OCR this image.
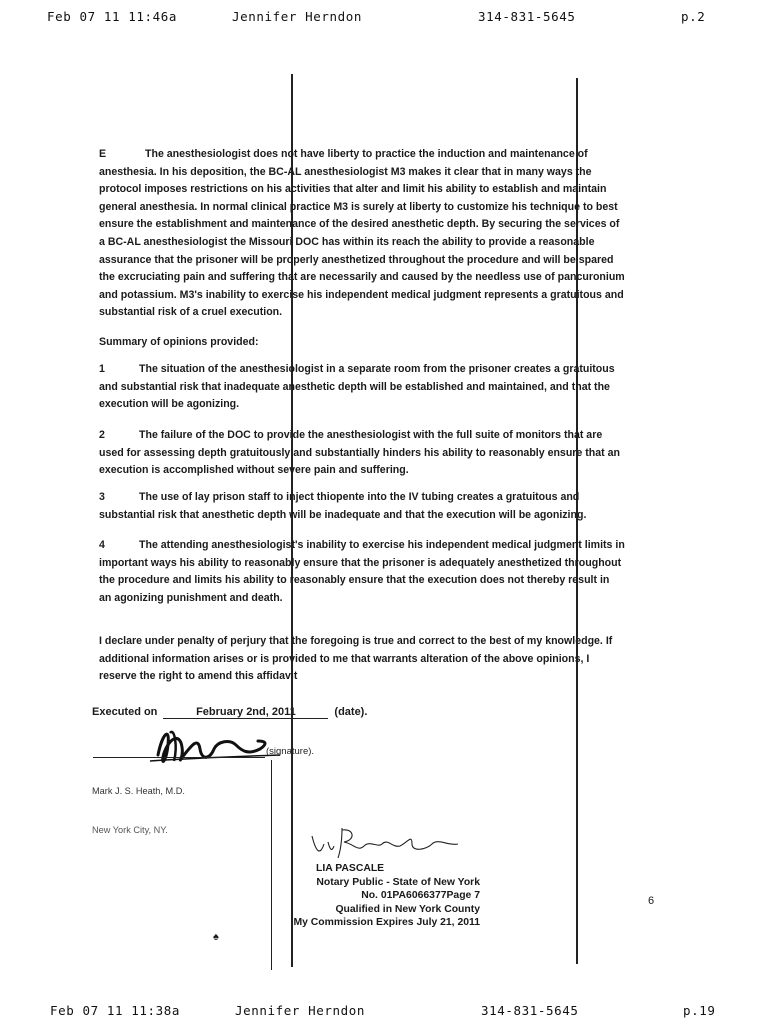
Feb 07 11 11:46a	Jennifer Herndon	314-831-5645	p.2
E	The anesthesiologist does not have liberty to practice the induction and maintenance of
anesthesia. In his deposition, the BC-AL anesthesiologist M3 makes it clear that in many ways the
protocol imposes restrictions on his activities that alter and limit his ability to establish and maintain
general anesthesia. In normal clinical practice M3 is surely at liberty to customize his technique to best
ensure the establishment and maintenance of the desired anesthetic depth. By securing the services of
a BC-AL anesthesiologist the Missouri DOC has within its reach the ability to provide a reasonable
assurance that the prisoner will be properly anesthetized throughout the procedure and will be spared
the excruciating pain and suffering that are necessarily and caused by the needless use of pancuronium
and potassium. M3's inability to exercise his independent medical judgment represents a gratuitous and
substantial risk of a cruel execution.
Summary of opinions provided:
1	The situation of the anesthesiologist in a separate room from the prisoner creates a gratuitous
and substantial risk that inadequate anesthetic depth will be established and maintained, and that the
execution will be agonizing.
2	The failure of the DOC to provide the anesthesiologist with the full suite of monitors that are
used for assessing depth gratuitously and substantially hinders his ability to reasonably ensure that an
execution is accomplished without severe pain and suffering.
3	The use of lay prison staff to inject thiopente into the IV tubing creates a gratuitous and
substantial risk that anesthetic depth will be inadequate and that the execution will be agonizing.
4	The attending anesthesiologist's inability to exercise his independent medical judgment limits in
important ways his ability to reasonably ensure that the prisoner is adequately anesthetized throughout
the procedure and limits his ability to reasonably ensure that the execution does not thereby result in
an agonizing punishment and death.
I declare under penalty of perjury that the foregoing is true and correct to the best of my knowledge. If
additional information arises or is provided to me that warrants alteration of the above opinions, I
reserve the right to amend this affidavit
Executed on	February 2nd, 2011	(date).
(signature).
Mark J. S. Heath, M.D.
New York City, NY.
LIA PASCALE
Notary Public - State of New York
No. 01PA6066377Page 7
Qualified in New York County
My Commission Expires July 21, 2011
6
♠
Feb 07 11 11:38a	Jennifer Herndon	314-831-5645	p.19
